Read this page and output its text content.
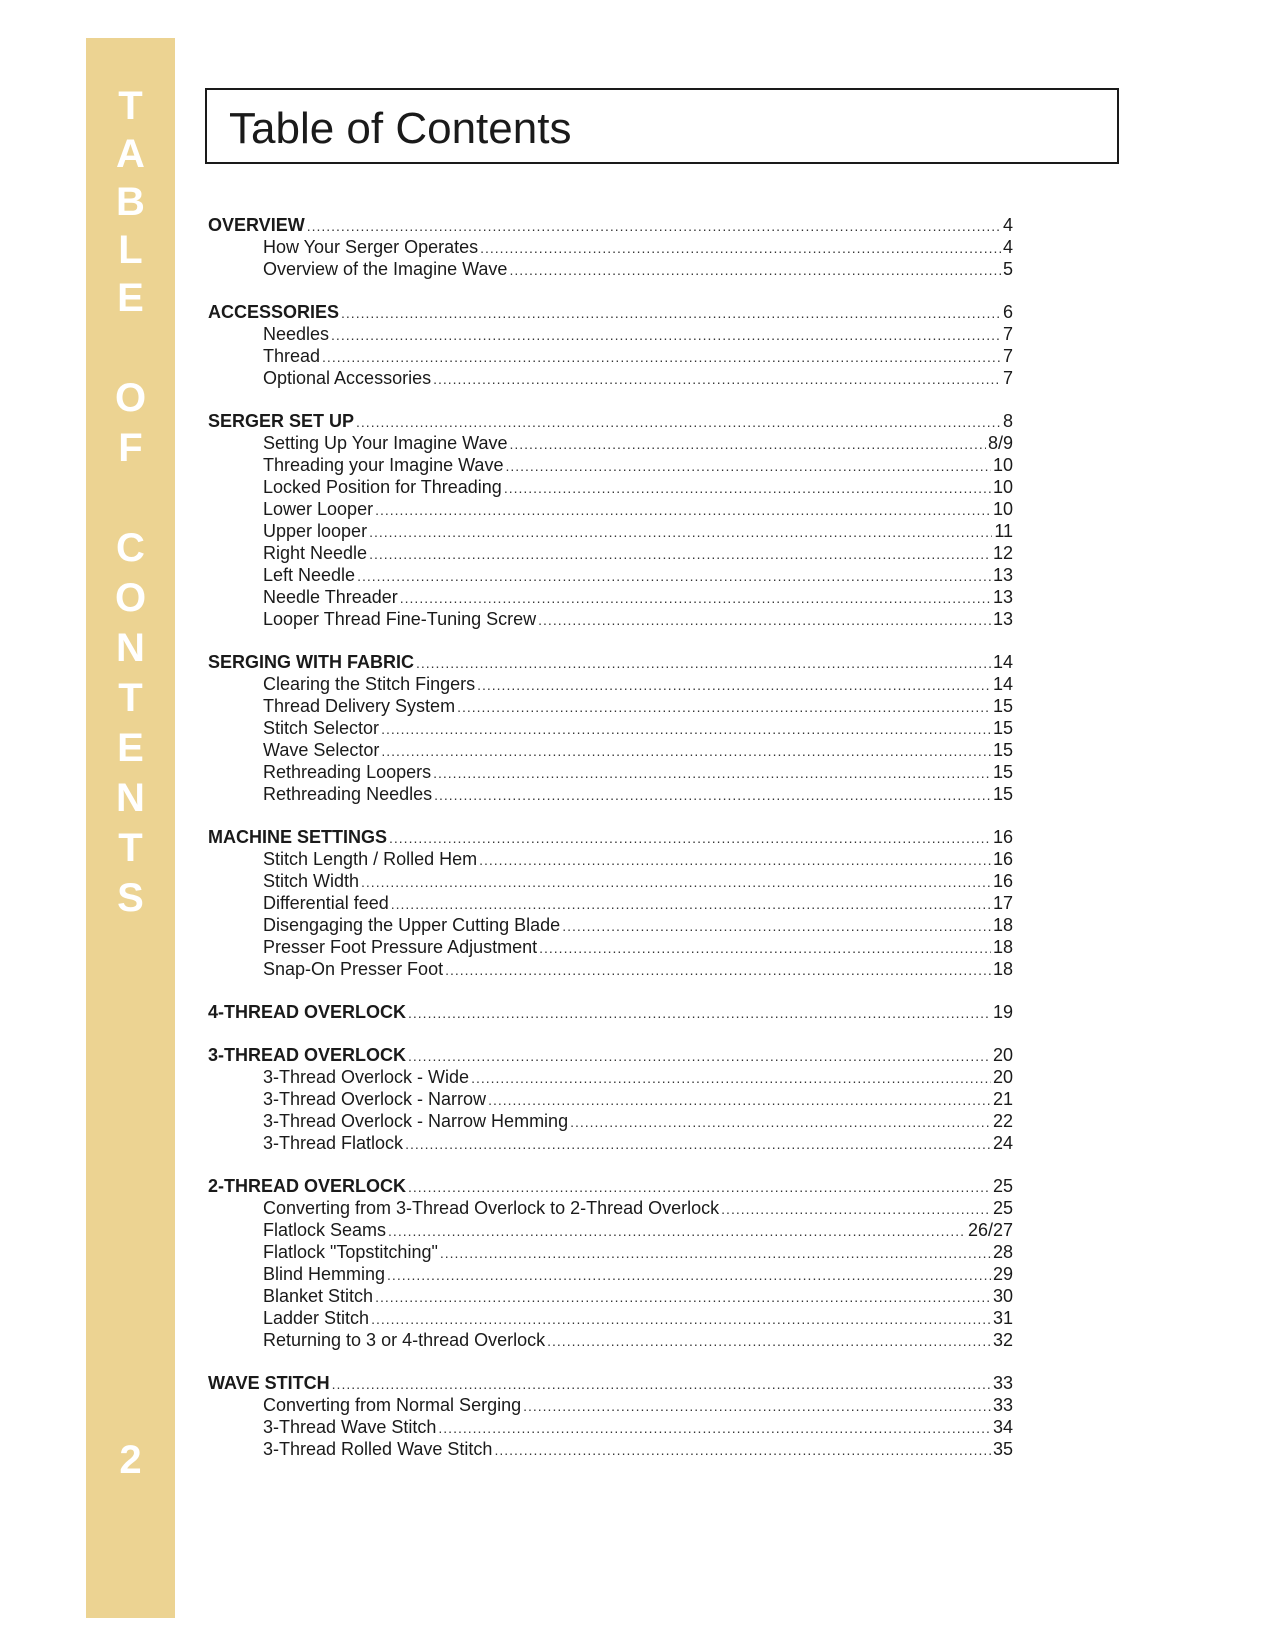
T
A
B
L
E
O
F
C
O
N
T
E
N
T
S
2
Table of Contents
OVERVIEW .....	4
How Your Serger Operates .....	4
Overview of the Imagine Wave .....	5
ACCESSORIES .....	6
Needles .....	7
Thread .....	7
Optional Accessories .....	7
SERGER SET UP .....	8
Setting Up Your Imagine Wave .....	8/9
Threading your Imagine Wave .....	10
Locked Position for Threading .....	10
Lower Looper .....	10
Upper looper .....	11
Right Needle .....	12
Left Needle .....	13
Needle Threader .....	13
Looper Thread Fine-Tuning Screw .....	13
SERGING WITH FABRIC .....	14
Clearing the Stitch Fingers .....	14
Thread Delivery System .....	15
Stitch Selector .....	15
Wave Selector .....	15
Rethreading Loopers .....	15
Rethreading Needles .....	15
MACHINE SETTINGS .....	16
Stitch Length / Rolled Hem .....	16
Stitch Width .....	16
Differential feed .....	17
Disengaging the Upper Cutting Blade .....	18
Presser Foot Pressure Adjustment .....	18
Snap-On Presser Foot .....	18
4-THREAD OVERLOCK .....	19
3-THREAD OVERLOCK .....	20
3-Thread Overlock - Wide .....	20
3-Thread Overlock - Narrow .....	21
3-Thread Overlock - Narrow Hemming .....	22
3-Thread Flatlock .....	24
2-THREAD OVERLOCK .....	25
Converting from 3-Thread Overlock to 2-Thread Overlock .....	25
Flatlock Seams .....	26/27
Flatlock "Topstitching" .....	28
Blind Hemming .....	29
Blanket Stitch .....	30
Ladder Stitch .....	31
Returning to 3 or 4-thread Overlock .....	32
WAVE STITCH .....	33
Converting from Normal Serging .....	33
3-Thread Wave Stitch .....	34
3-Thread Rolled Wave Stitch .....	35
